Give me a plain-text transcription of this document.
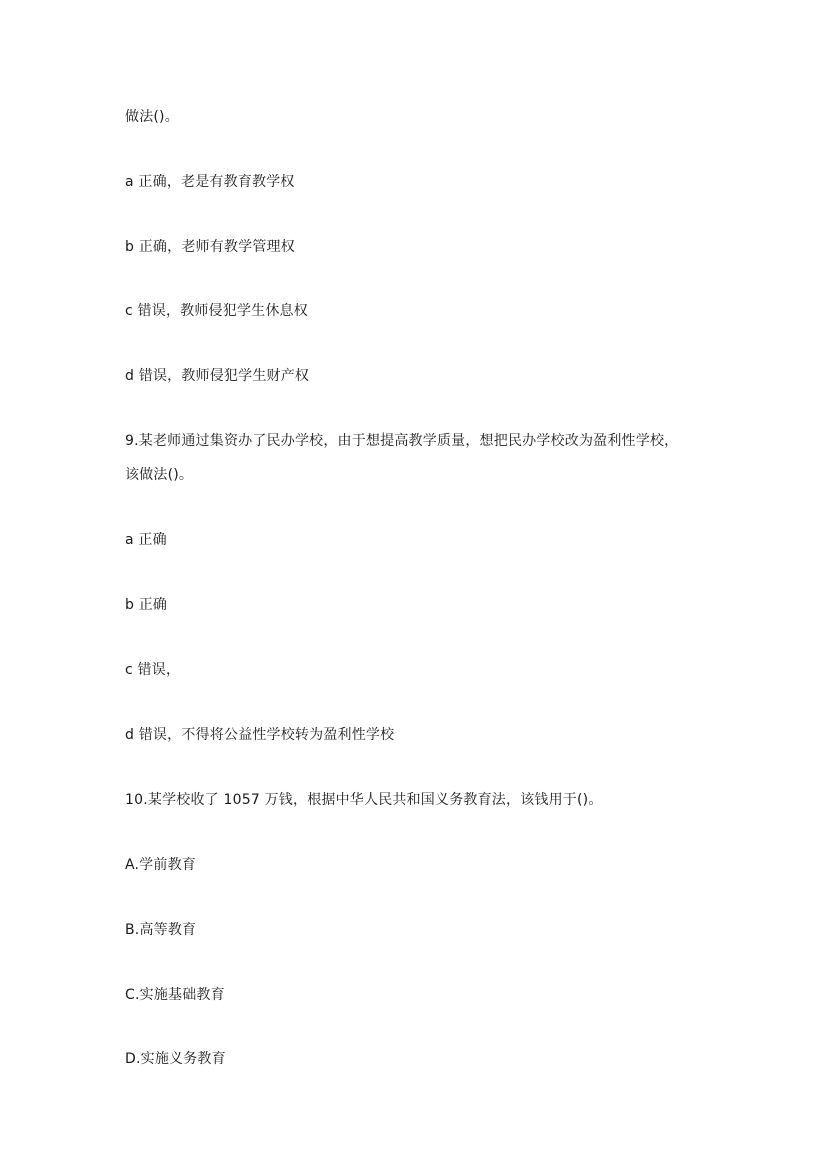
做法()。
a 正确，老是有教育教学权
b 正确，老师有教学管理权
c 错误，教师侵犯学生休息权
d 错误，教师侵犯学生财产权
9.某老师通过集资办了民办学校，由于想提高教学质量，想把民办学校改为盈利性学校，
该做法()。
a 正确
b 正确
c 错误，
d 错误，不得将公益性学校转为盈利性学校
10.某学校收了 1057 万钱，根据中华人民共和国义务教育法，该钱用于()。
A.学前教育
B.高等教育
C.实施基础教育
D.实施义务教育
